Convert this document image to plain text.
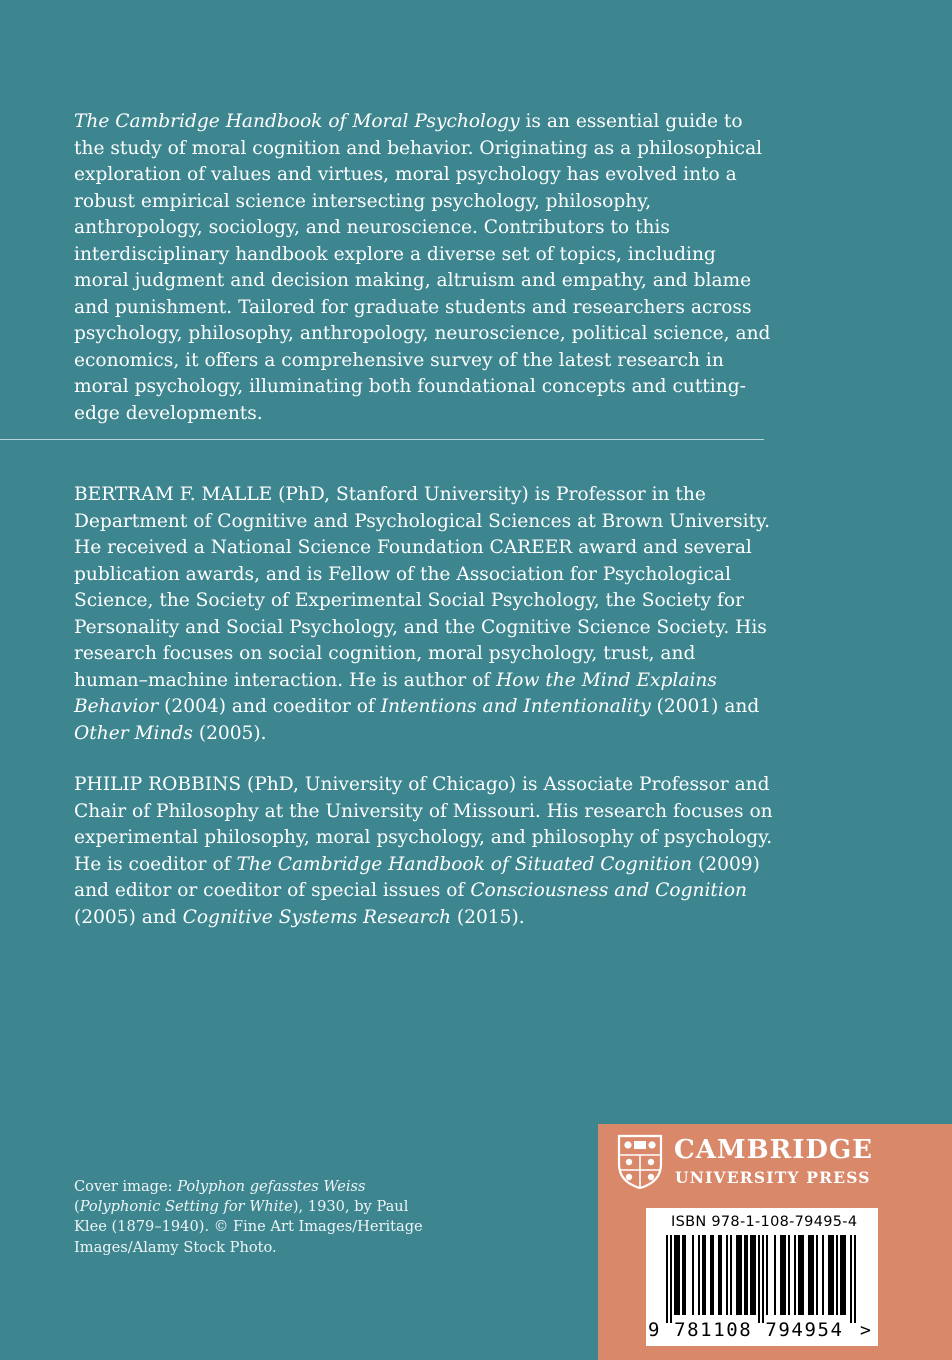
The Cambridge Handbook of Moral Psychology is an essential guide to the study of moral cognition and behavior. Originating as a philosophical exploration of values and virtues, moral psychology has evolved into a robust empirical science intersecting psychology, philosophy, anthropology, sociology, and neuroscience. Contributors to this interdisciplinary handbook explore a diverse set of topics, including moral judgment and decision making, altruism and empathy, and blame and punishment. Tailored for graduate students and researchers across psychology, philosophy, anthropology, neuroscience, political science, and economics, it offers a comprehensive survey of the latest research in moral psychology, illuminating both foundational concepts and cutting-edge developments.

BERTRAM F. MALLE (PhD, Stanford University) is Professor in the Department of Cognitive and Psychological Sciences at Brown University. He received a National Science Foundation CAREER award and several publication awards, and is Fellow of the Association for Psychological Science, the Society of Experimental Social Psychology, the Society for Personality and Social Psychology, and the Cognitive Science Society. His research focuses on social cognition, moral psychology, trust, and human–machine interaction. He is author of How the Mind Explains Behavior (2004) and coeditor of Intentions and Intentionality (2001) and Other Minds (2005).

PHILIP ROBBINS (PhD, University of Chicago) is Associate Professor and Chair of Philosophy at the University of Missouri. His research focuses on experimental philosophy, moral psychology, and philosophy of psychology. He is coeditor of The Cambridge Handbook of Situated Cognition (2009) and editor or coeditor of special issues of Consciousness and Cognition (2005) and Cognitive Systems Research (2015).

Cover image: Polyphon gefasstes Weiss (Polyphonic Setting for White), 1930, by Paul Klee (1879–1940). © Fine Art Images/Heritage Images/Alamy Stock Photo.

CAMBRIDGE
UNIVERSITY PRESS
ISBN 978-1-108-79495-4
>
9 781108 794954
